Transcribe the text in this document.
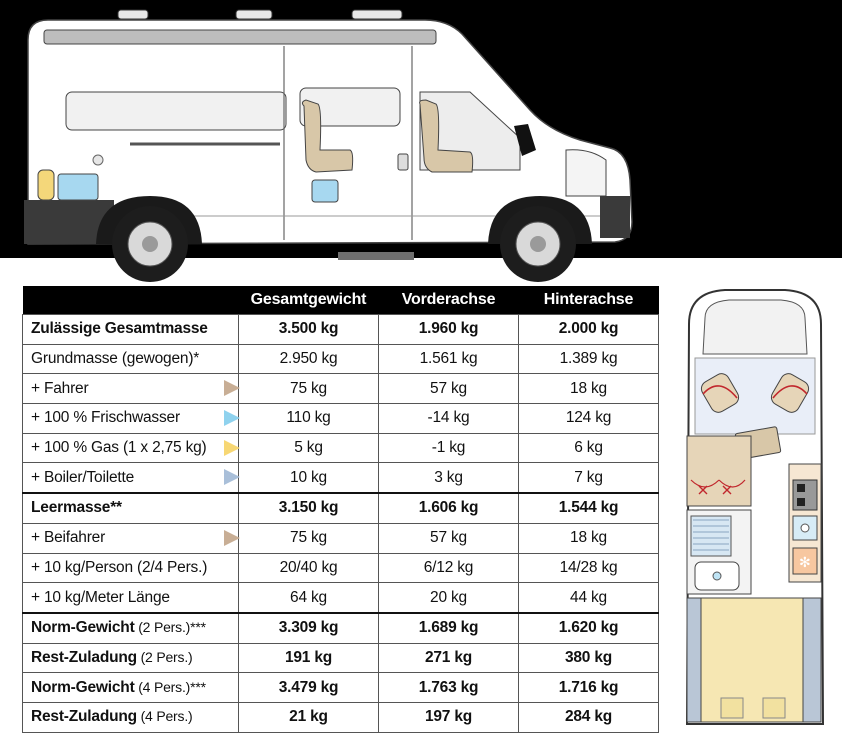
	Gesamtgewicht	Vorderachse	Hinterachse
Zulässige Gesamtmasse	3.500 kg	1.960 kg	2.000 kg
Grundmasse (gewogen)*	2.950 kg	1.561 kg	1.389 kg
+ Fahrer	75 kg	57 kg	18 kg
+ 100 % Frischwasser	110 kg	-14 kg	124 kg
+ 100 % Gas (1 x 2,75 kg)	5 kg	-1 kg	6 kg
+ Boiler/Toilette	10 kg	3 kg	7 kg
Leermasse**	3.150 kg	1.606 kg	1.544 kg
+ Beifahrer	75 kg	57 kg	18 kg
+ 10 kg/Person (2/4 Pers.)	20/40 kg	6/12 kg	14/28 kg
+ 10 kg/Meter Länge	64 kg	20 kg	44 kg
Norm-Gewicht (2 Pers.)***	3.309 kg	1.689 kg	1.620 kg
Rest-Zuladung (2 Pers.)	191 kg	271 kg	380 kg
Norm-Gewicht (4 Pers.)***	3.479 kg	1.763 kg	1.716 kg
Rest-Zuladung (4 Pers.)	21 kg	197 kg	284 kg
✻
